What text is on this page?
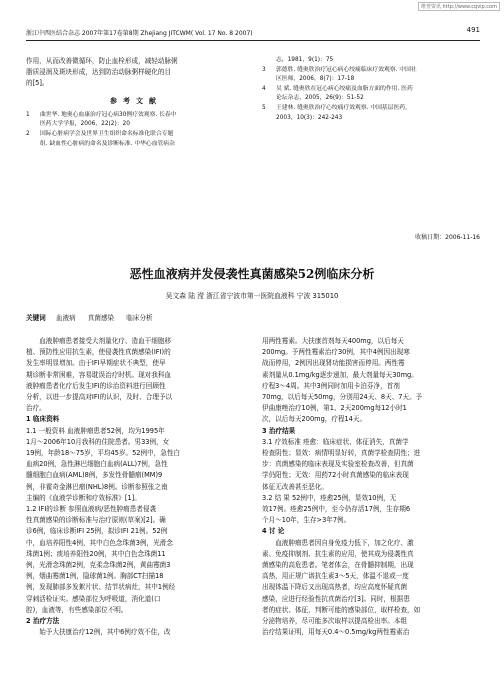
维普资讯 http://www.cqvip.com
浙江中西医结合杂志 2007年第17卷第8期 Zhejiang JITCWM( Vol. 17 No. 8 2007)	491

作用，从而改善微循环，防止血栓形成，减轻动脉粥

脂质浸润及斑块形成，达到防治动脉粥样硬化的目

的[5]。

参考文献

1 曲世华. 地奥心血康治疗冠心病30例疗效观察. 长春中

医药大学学报，2006，22(2)：20

2 国际心脏病学会及世界卫生组织命名标准化联合专题

组. 缺血性心脏病的命名及诊断标准. 中华心血管病杂

志，1981，9(1)：75

3 郭德胜. 缝奥欣治疗冠心病心绞痛临床疗效观察. 中国社

区医师，2006，8(7)：17-18

4 吴 斌. 缝奥欣在冠心病心绞痛及血脂方面的作用. 医药

论坛杂志，2005，26(9)：51-52

5 王建林. 缝奥欣治疗心绞痛疗效观察. 中国基层医药，

2003，10(3)：242-243

收稿日期：2006-11-16
恶性血液病并发侵袭性真菌感染52例临床分析
吴文森 陆 滢 浙江省宁波市第一医院血液科 宁波 315010
关键词 血液病 真菌感染 临床分析

血液肿瘤患者接受大剂量化疗、造血干细胞移

植、预防性应用抗生素，使侵袭性真菌感染(IFI)的

发生率明显增加。由于IFI早期症状不典型，使早

期诊断非常困难，容易耽误治疗时机。现对我科血

液肿瘤患者化疗后发生IFI的诊治资料进行回顾性

分析，以进一步提高对IFI的认识，及时、合理予以

治疗。

1 临床资料

1.1 一般资料 血液肿瘤患者52例，均为1995年

1月～2006年10月我科的住院患者。男33例，女

19例，年龄18～75岁，平均45岁。52例中，急性白

血病20例，急性淋巴细胞白血病(ALL)7例，急性

髓细胞白血病(AML)8例，多发性骨髓瘤(MM)9

例，非霍奇金淋巴瘤(NHL)8例。诊断参照张之南

主编的《血液学诊断和疗效标准》[1]。

1.2 IFI的诊断 参照血液病/恶性肿瘤患者侵袭

性真菌感染的诊断标准与治疗原则(草案)[2]。确

诊6例，临床诊断IFI 25例，拟诊IFI 21例。52例

中，血培养阳性4例，其中白色念珠菌3例，光滑念

珠菌1例；痰培养阳性20例，其中白色念珠菌11

例，光滑念珠菌2例，克柔念珠菌2例，黄曲霉菌3

例，烟曲霉菌1例，隐球菌1例。胸部CT扫描18

例，发现肺部多发絮片状、结节状病灶，其中1例经

穿刺活检证实。感染部位为呼吸道，消化道(口

腔)，血液等，有些感染部位不明。

2 治疗方法

始予大扶康治疗12例，其中6例疗效不佳，改

用两性霉素。大扶康首剂每天400mg，以后每天

200mg。予两性霉素治疗30例，其中4例因出现寒

战而停用，2例因出现肾功能损害而停用。两性霉

素剂量从0.1mg/kg逐步递加，最大剂量每天30mg。

疗程3～4周。其中3例同时加用卡泊芬净，首剂

70mg，以后每天50mg，分别用24天、8天、7天。予

伊曲康唑治疗10例，第1、2天200mg每12小时1

次，以后每天200mg，疗程14天。

3 治疗结果

3.1 疗效标准 痊愈：临床症状、体征消失，真菌学

检查阴性；显效：病情明显好转，真菌学检查阴性；进

步：真菌感染的临床表现及实验室检查改善，但真菌

学仍阳性；无效：用药72小时真菌感染的临床表现

体征无改善甚至恶化。

3.2 结 果 52例中，痊愈25例，显效10例，无

效17例。痊愈25例中，至今仍存活17例，生存期6

个月～10年，生存>3年7例。

4 讨 论

血液肿瘤患者因自身免疫力低下，加之化疗、激

素、免疫抑制剂、抗生素的应用，使其成为侵袭性真

菌感染的高危患者。笔者体会，在骨髓抑制期，出现

高热，用正规广谱抗生素3～5天，体温不退或一度

出现体温下降后又出现高热者，均应高度怀疑真菌

感染，应进行经验性抗真菌治疗[3]。同时，根据患

者的症状、体征，判断可能的感染部位，取样检查，如

分泌物培养，尽可能多次取样以提高检出率。本组

治疗结果证明，用每天0.4～0.5mg/kg两性霉素治
